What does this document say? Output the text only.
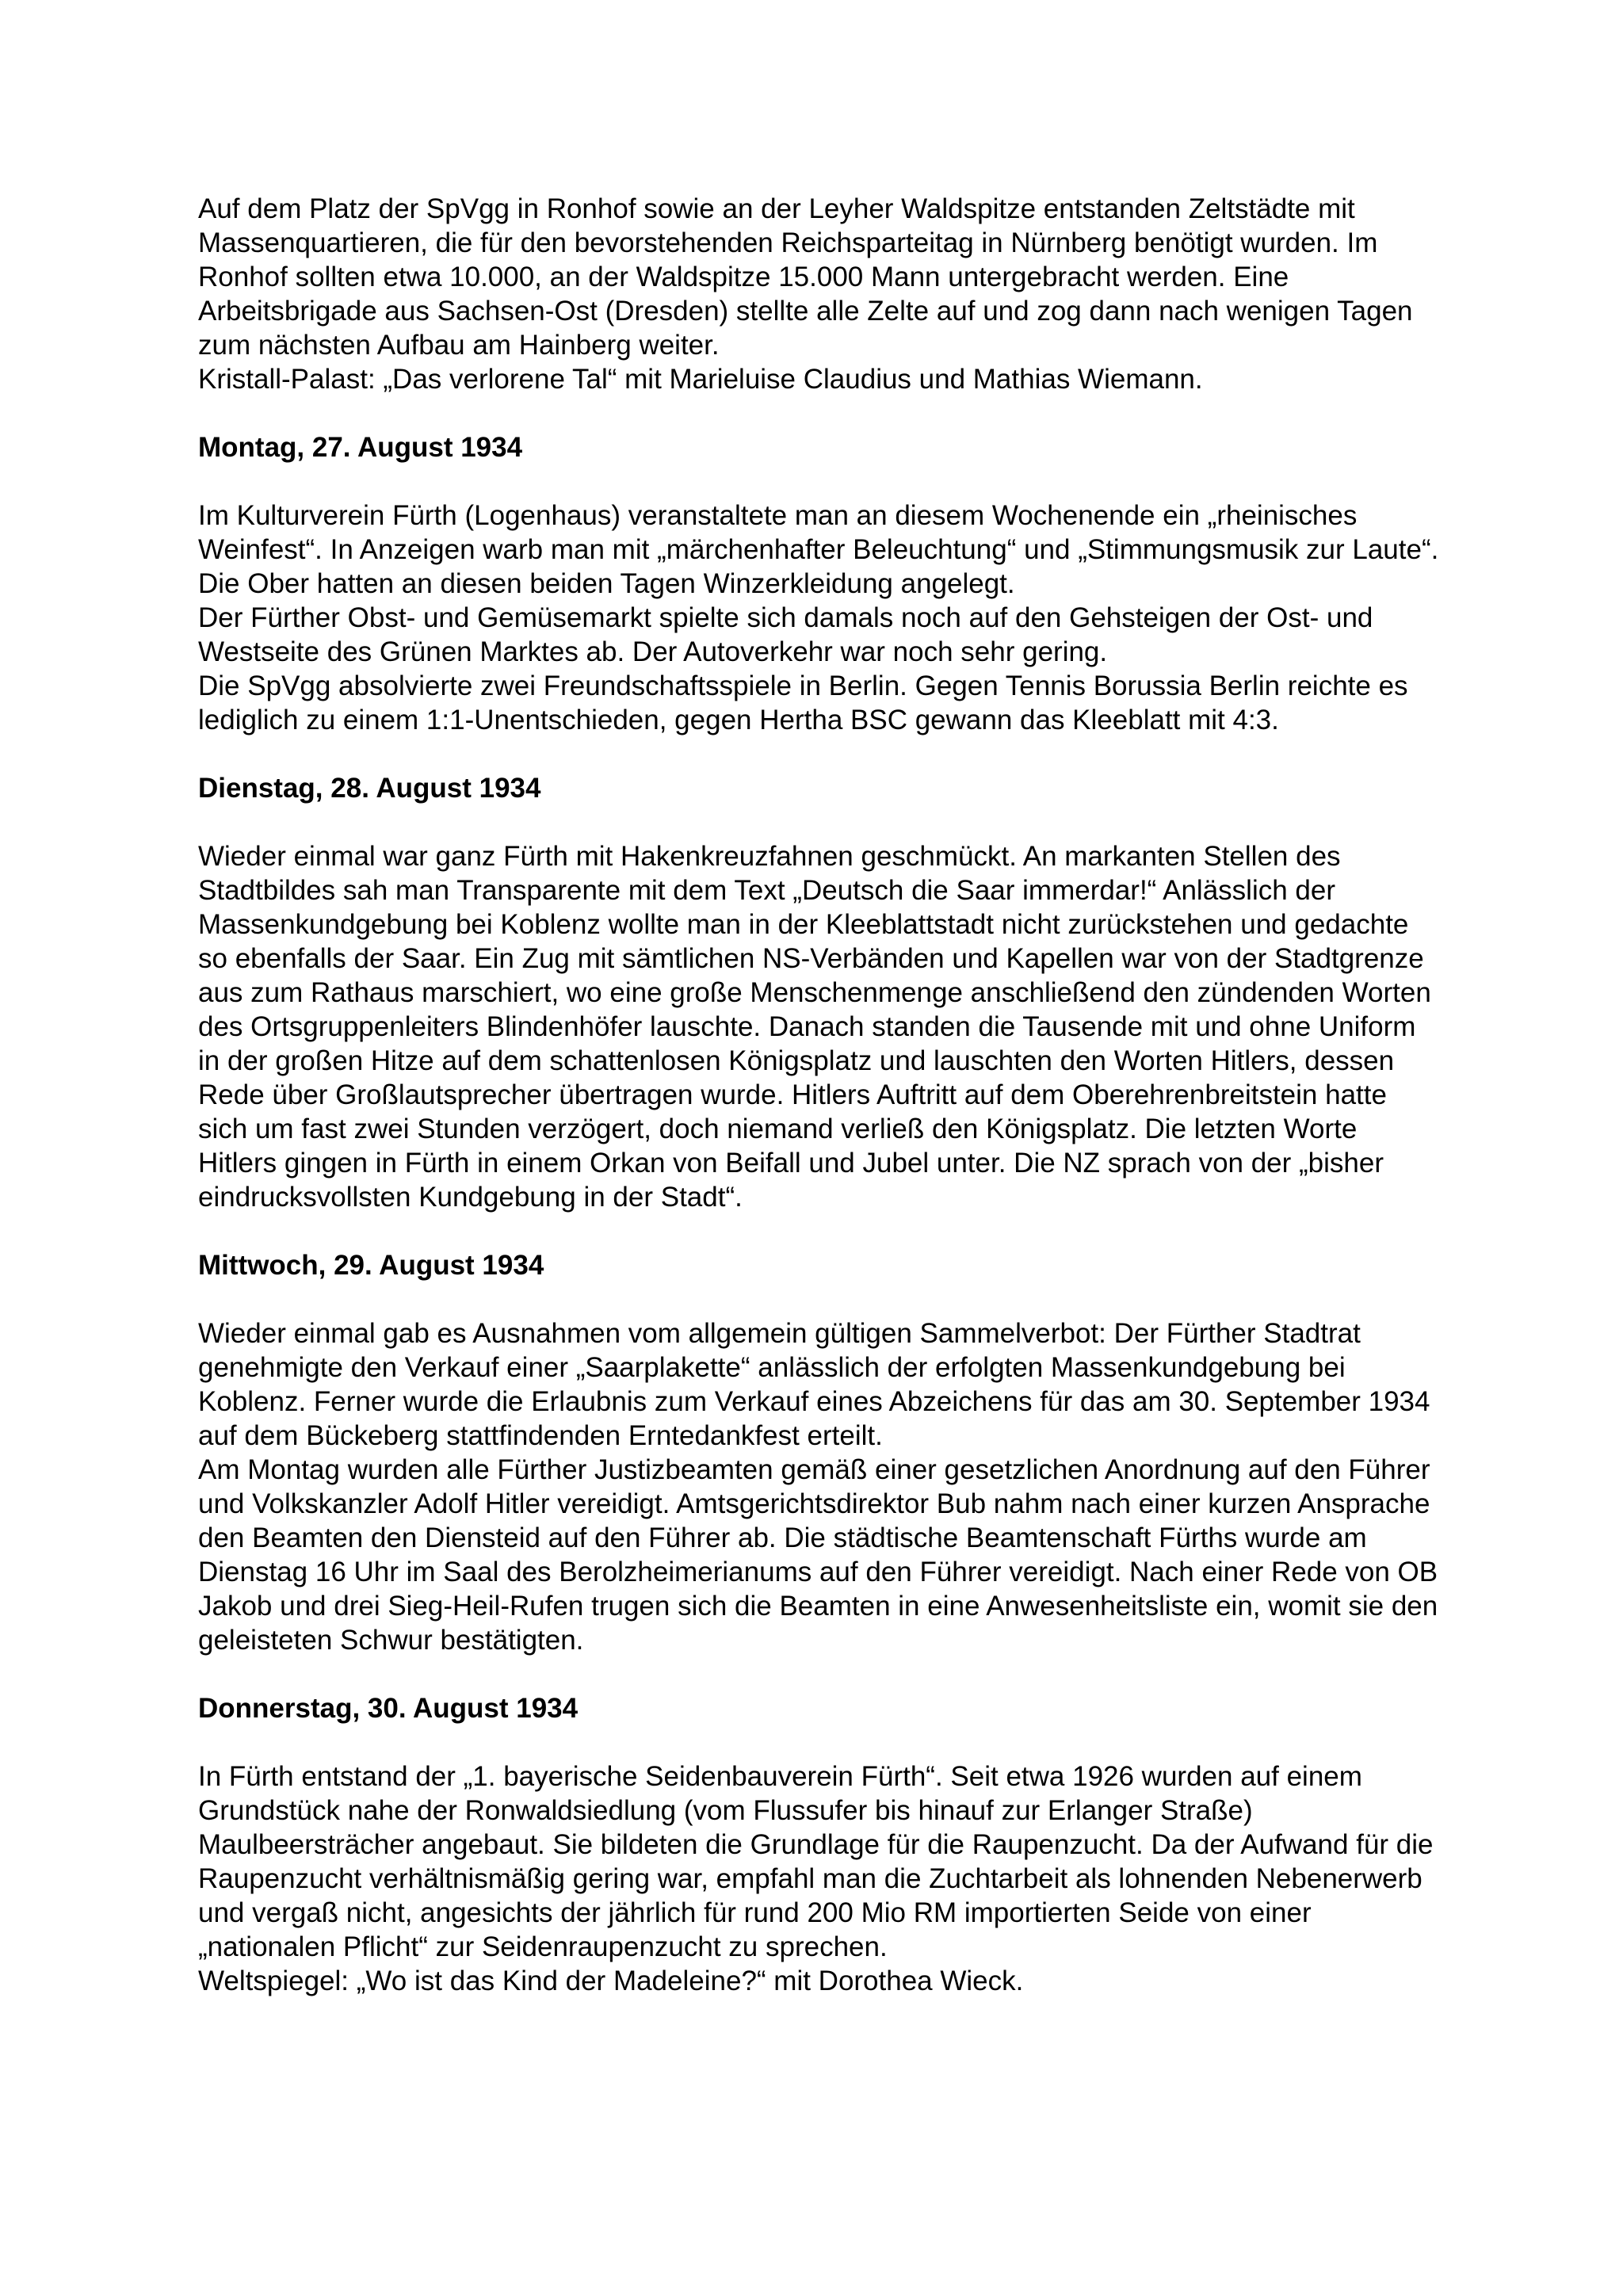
Auf dem Platz der SpVgg in Ronhof sowie an der Leyher Waldspitze entstanden Zeltstädte mit Massenquartieren, die für den bevorstehenden Reichsparteitag in Nürnberg benötigt wurden. Im Ronhof sollten etwa 10.000, an der Waldspitze 15.000 Mann untergebracht werden. Eine Arbeitsbrigade aus Sachsen-Ost (Dresden) stellte alle Zelte auf und zog dann nach wenigen Tagen zum nächsten Aufbau am Hainberg weiter.

Kristall-Palast: „Das verlorene Tal“ mit Marieluise Claudius und Mathias Wiemann.

Montag, 27. August 1934

Im Kulturverein Fürth (Logenhaus) veranstaltete man an diesem Wochenende ein „rheinisches Weinfest“. In Anzeigen warb man mit „märchenhafter Beleuchtung“ und „Stimmungsmusik zur Laute“. Die Ober hatten an diesen beiden Tagen Winzerkleidung angelegt.

Der Fürther Obst- und Gemüsemarkt spielte sich damals noch auf den Gehsteigen der Ost- und Westseite des Grünen Marktes ab. Der Autoverkehr war noch sehr gering.

Die SpVgg absolvierte zwei Freundschaftsspiele in Berlin. Gegen Tennis Borussia Berlin reichte es lediglich zu einem 1:1-Unentschieden, gegen Hertha BSC gewann das Kleeblatt mit 4:3.

Dienstag, 28. August 1934

Wieder einmal war ganz Fürth mit Hakenkreuzfahnen geschmückt. An markanten Stellen des Stadtbildes sah man Transparente mit dem Text „Deutsch die Saar immerdar!“ Anlässlich der Massenkundgebung bei Koblenz wollte man in der Kleeblattstadt nicht zurückstehen und gedachte so ebenfalls der Saar. Ein Zug mit sämtlichen NS-Verbänden und Kapellen war von der Stadtgrenze aus zum Rathaus marschiert, wo eine große Menschenmenge anschließend den zündenden Worten des Ortsgruppenleiters Blindenhöfer lauschte. Danach standen die Tausende mit und ohne Uniform in der großen Hitze auf dem schattenlosen Königsplatz und lauschten den Worten Hitlers, dessen Rede über Großlautsprecher übertragen wurde. Hitlers Auftritt auf dem Oberehrenbreitstein hatte sich um fast zwei Stunden verzögert, doch niemand verließ den Königsplatz. Die letzten Worte Hitlers gingen in Fürth in einem Orkan von Beifall und Jubel unter. Die NZ sprach von der „bisher eindrucksvollsten Kundgebung in der Stadt“.

Mittwoch, 29. August 1934

Wieder einmal gab es Ausnahmen vom allgemein gültigen Sammelverbot: Der Fürther Stadtrat genehmigte den Verkauf einer „Saarplakette“ anlässlich der erfolgten Massenkundgebung bei Koblenz. Ferner wurde die Erlaubnis zum Verkauf eines Abzeichens für das am 30. September 1934 auf dem Bückeberg stattfindenden Erntedankfest erteilt.

Am Montag wurden alle Fürther Justizbeamten gemäß einer gesetzlichen Anordnung auf den Führer und Volkskanzler Adolf Hitler vereidigt. Amtsgerichtsdirektor Bub nahm nach einer kurzen Ansprache den Beamten den Diensteid auf den Führer ab. Die städtische Beamtenschaft Fürths wurde am Dienstag 16 Uhr im Saal des Berolzheimerianums auf den Führer vereidigt. Nach einer Rede von OB Jakob und drei Sieg-Heil-Rufen trugen sich die Beamten in eine Anwesenheitsliste ein, womit sie den geleisteten Schwur bestätigten.

Donnerstag, 30. August 1934

In Fürth entstand der „1. bayerische Seidenbauverein Fürth“. Seit etwa 1926 wurden auf einem Grundstück nahe der Ronwaldsiedlung (vom Flussufer bis hinauf zur Erlanger Straße) Maulbeersträcher angebaut. Sie bildeten die Grundlage für die Raupenzucht. Da der Aufwand für die Raupenzucht verhältnismäßig gering war, empfahl man die Zuchtarbeit als lohnenden Nebenerwerb und vergaß nicht, angesichts der jährlich für rund 200 Mio RM importierten Seide von einer „nationalen Pflicht“ zur Seidenraupenzucht zu sprechen.

Weltspiegel: „Wo ist das Kind der Madeleine?“ mit Dorothea Wieck.
